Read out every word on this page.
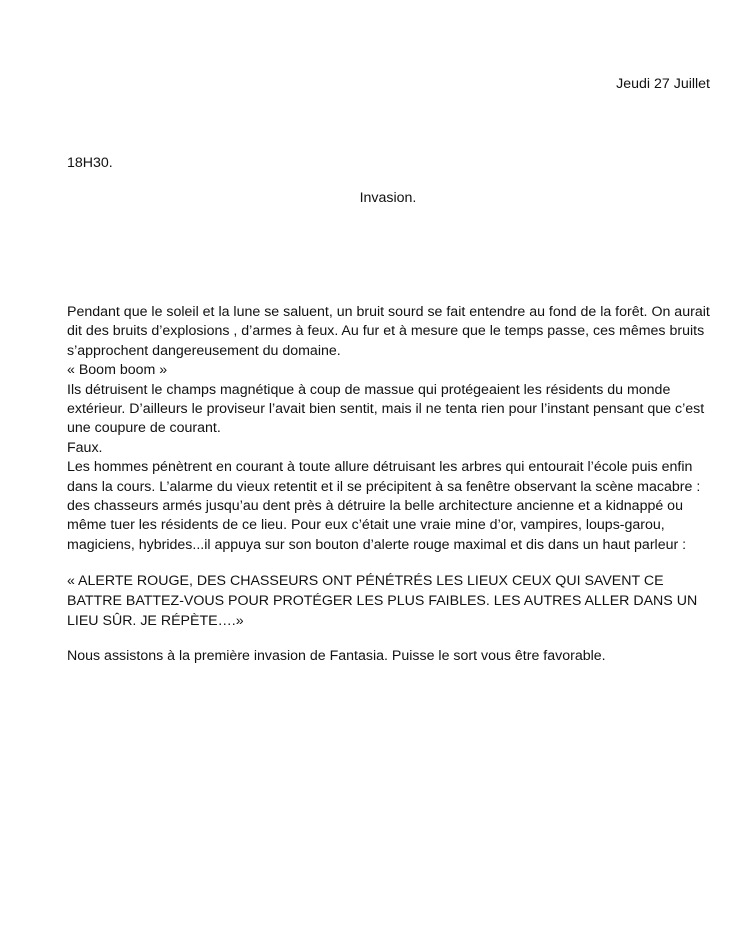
Jeudi 27 Juillet
18H30.
Invasion.

Pendant que le soleil et la lune se saluent, un bruit sourd se fait entendre au fond de la forêt. On aurait dit des bruits d’explosions , d’armes à feux. Au fur et à mesure que le temps passe, ces mêmes bruits s’approchent dangereusement du domaine.

« Boom boom »

Ils détruisent le champs magnétique à coup de massue qui protégeaient les résidents du monde extérieur. D’ailleurs le proviseur l’avait bien sentit, mais il ne tenta rien pour l’instant pensant que c’est une coupure de courant.

Faux.

Les hommes pénètrent en courant à toute allure détruisant les arbres qui entourait l’école puis enfin dans la cours. L’alarme du vieux retentit et il se précipitent à sa fenêtre observant la scène macabre : des chasseurs armés jusqu’au dent près à détruire la belle architecture ancienne et a kidnappé ou même tuer les résidents de ce lieu. Pour eux c’était une vraie mine d’or, vampires, loups-garou, magiciens, hybrides...il appuya sur son bouton d’alerte rouge maximal et dis dans un haut parleur :

« ALERTE ROUGE, DES CHASSEURS ONT PÉNÉTRÉS LES LIEUX CEUX QUI SAVENT CE BATTRE BATTEZ-VOUS POUR PROTÉGER LES PLUS FAIBLES. LES AUTRES ALLER DANS UN LIEU SÛR. JE RÉPÈTE….»
Nous assistons à la première invasion de Fantasia. Puisse le sort vous être favorable.
